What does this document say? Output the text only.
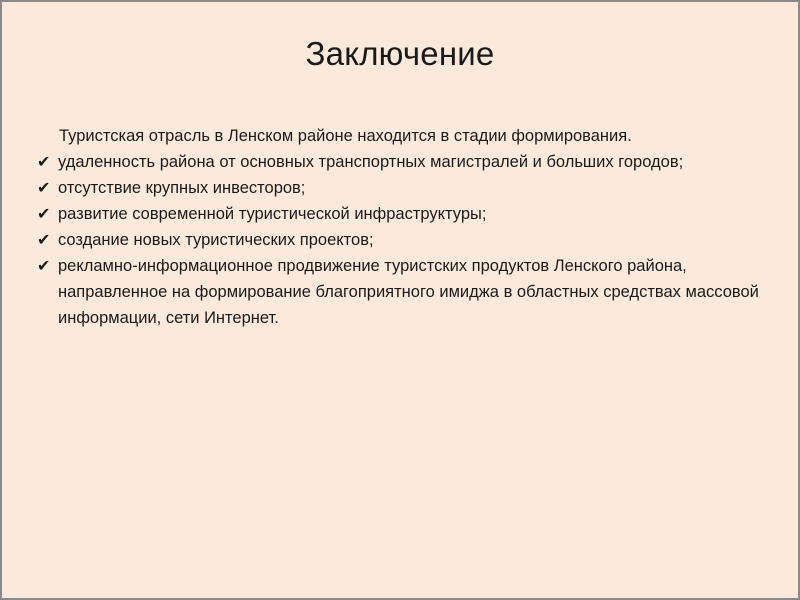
Заключение

Туристская отрасль в Ленском районе находится в стадии формирования.

✔ удаленность района от основных транспортных магистралей и больших городов;
✔ отсутствие крупных инвесторов;
✔ развитие современной туристической инфраструктуры;
✔ создание новых туристических проектов;
✔ рекламно-информационное продвижение туристских продуктов Ленского района, направленное на формирование благоприятного имиджа в областных средствах массовой информации, сети Интернет.
